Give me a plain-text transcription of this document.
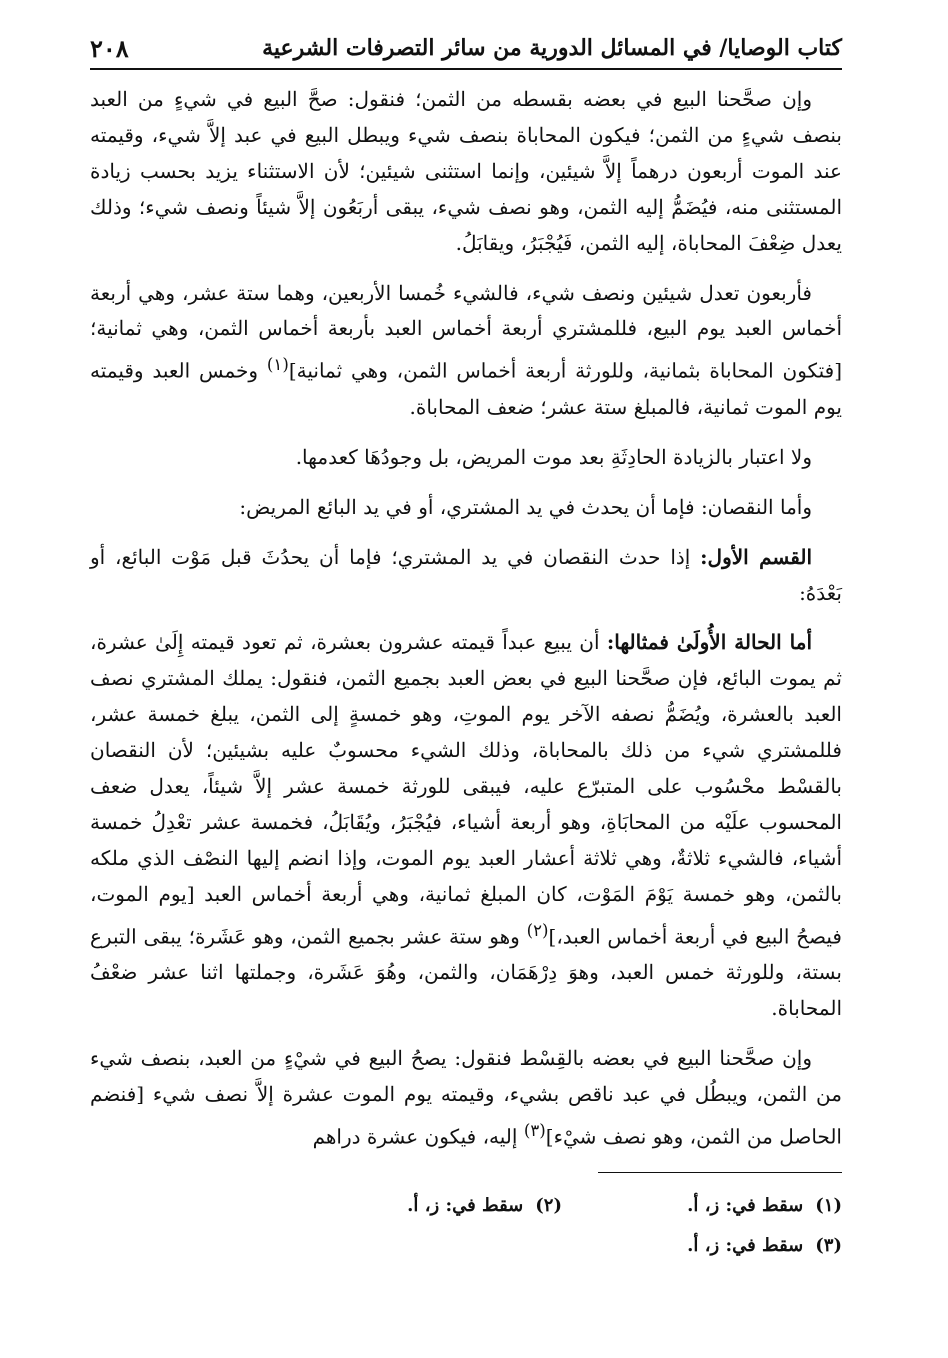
كتاب الوصايا/ في المسائل الدورية من سائر التصرفات الشرعية
٢٠٨

وإن صحَّحنا البيع في بعضه بقسطه من الثمن؛ فنقول: صحَّ البيع في شيءٍ من العبد بنصف شيءٍ من الثمن؛ فيكون المحاباة بنصف شيء ويبطل البيع في عبد إلاَّ شيء، وقيمته عند الموت أربعون درهماً إلاَّ شيئين، وإنما استثنى شيئين؛ لأن الاستثناء يزيد بحسب زيادة المستثنى منه، فيُضَمُّ إليه الثمن، وهو نصف شيء، يبقى أربَعُون إلاَّ شيئاً ونصف شيء؛ وذلك يعدل ضِعْفَ المحاباة، إليه الثمن، فَيُجْبَرُ، ويقابَلُ.

فأربعون تعدل شيئين ونصف شيء، فالشيء خُمسا الأربعين، وهما ستة عشر، وهي أربعة أخماس العبد يوم البيع، فللمشتري أربعة أخماس العبد بأربعة أخماس الثمن، وهي ثمانية؛ [فتكون المحاباة بثمانية، وللورثة أربعة أخماس الثمن، وهي ثمانية]$^{(١)}$ وخمس العبد وقيمته يوم الموت ثمانية، فالمبلغ ستة عشر؛ ضعف المحاباة.

ولا اعتبار بالزيادة الحادِثَةِ بعد موت المريض، بل وجودُهَا كعدمها.

وأما النقصان: فإما أن يحدث في يد المشتري، أو في يد البائع المريض:

القسم الأول: إذا حدث النقصان في يد المشتري؛ فإما أن يحدُثَ قبل مَوْت البائع، أو بَعْدَهُ:

أما الحالة الأُولَىٰ فمثالها: أن يبيع عبداً قيمته عشرون بعشرة، ثم تعود قيمته إِلَىٰ عشرة، ثم يموت البائع، فإن صحَّحنا البيع في بعض العبد بجميع الثمن، فنقول: يملك المشتري نصف العبد بالعشرة، ويُضَمُّ نصفه الآخر يوم الموتِ، وهو خمسةٍ إلى الثمن، يبلغ خمسة عشر، فللمشتري شيء من ذلك بالمحاباة، وذلك الشيء محسوبٌ عليه بشيئين؛ لأن النقصان بالقسْط محْسُوب على المتبرّع عليه، فيبقى للورثة خمسة عشر إلاَّ شيئاً، يعدل ضعف المحسوب علَيْه من المحابَاةِ، وهو أربعة أشياء، فيُجْبَرُ، ويُقَابَلُ، فخمسة عشر تعْدِلُ خمسة أشياء، فالشيء ثلاثةٌ، وهي ثلاثة أعشار العبد يوم الموت، وإذا انضم إليها النصْف الذي ملكه بالثمن، وهو خمسة يَوْمَ المَوْت، كان المبلغ ثمانية، وهي أربعة أخماس العبد [يوم الموت، فيصحُ البيع في أربعة أخماس العبد،]$^{(٢)}$ وهو ستة عشر بجميع الثمن، وهو عَشَرة؛ يبقى التبرع بستة، وللورثة خمس العبد، وهوَ دِرْهَمَان، والثمن، وهُوَ عَشَرة، وجملتها اثنا عشر ضعْفُ المحاباة.

وإن صحَّحنا البيع في بعضه بالقِسْط فنقول: يصحُ البيع في شيْءٍ من العبد، بنصف شيء من الثمن، ويبطُل في عبد ناقص بشيء، وقيمته يوم الموت عشرة إلاَّ نصف شيء [فنضم الحاصل من الثمن، وهو نصف شيْء]$^{(٣)}$ إليه، فيكون عشرة دراهم

(١)سقط في: ز، أ.
(٢)سقط في: ز، أ.
(٣)سقط في: ز، أ.
